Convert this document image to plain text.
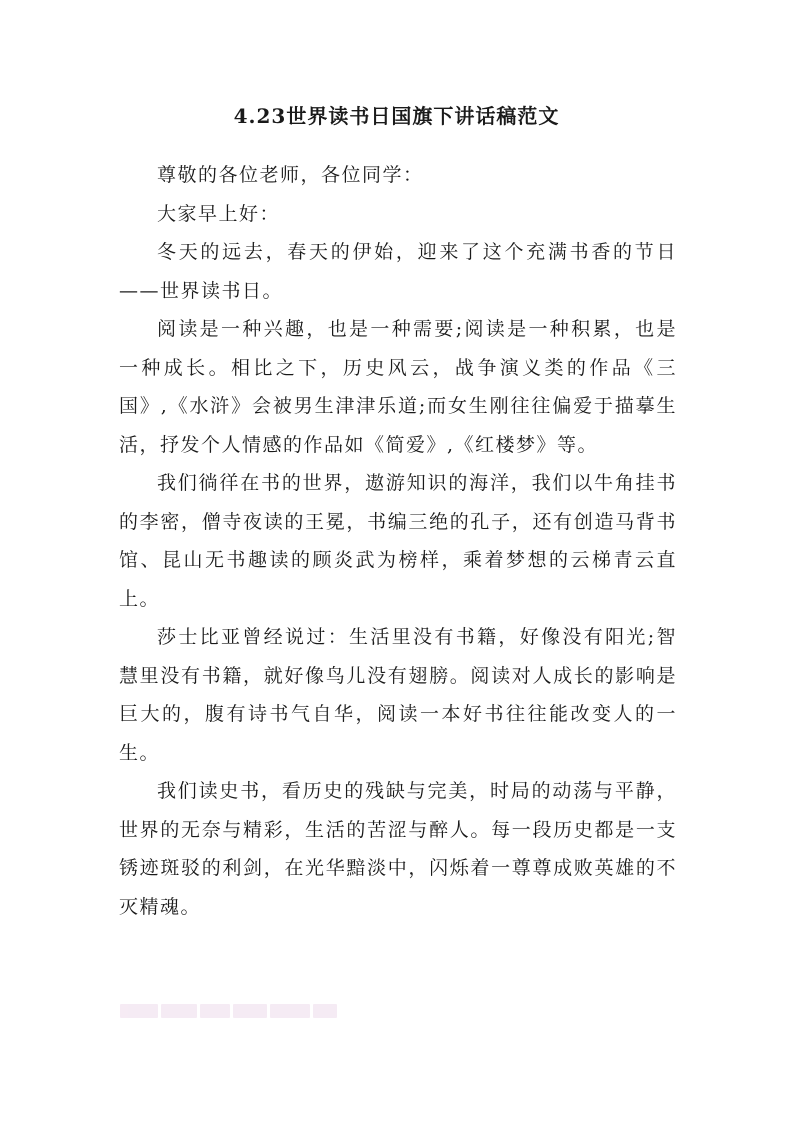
4.23世界读书日国旗下讲话稿范文

尊敬的各位老师，各位同学：

大家早上好：

冬天的远去，春天的伊始，迎来了这个充满书香的节日——世界读书日。

阅读是一种兴趣，也是一种需要;阅读是一种积累，也是一种成长。相比之下，历史风云，战争演义类的作品《三国》,《水浒》会被男生津津乐道;而女生刚往往偏爱于描摹生活，抒发个人情感的作品如《简爱》,《红楼梦》等。

我们徜徉在书的世界，遨游知识的海洋，我们以牛角挂书的李密，僧寺夜读的王冕，书编三绝的孔子，还有创造马背书馆、昆山无书趣读的顾炎武为榜样，乘着梦想的云梯青云直上。

莎士比亚曾经说过：生活里没有书籍，好像没有阳光;智慧里没有书籍，就好像鸟儿没有翅膀。阅读对人成长的影响是巨大的，腹有诗书气自华，阅读一本好书往往能改变人的一生。

我们读史书，看历史的残缺与完美，时局的动荡与平静，世界的无奈与精彩，生活的苦涩与醉人。每一段历史都是一支锈迹斑驳的利剑，在光华黯淡中，闪烁着一尊尊成败英雄的不灭精魂。
